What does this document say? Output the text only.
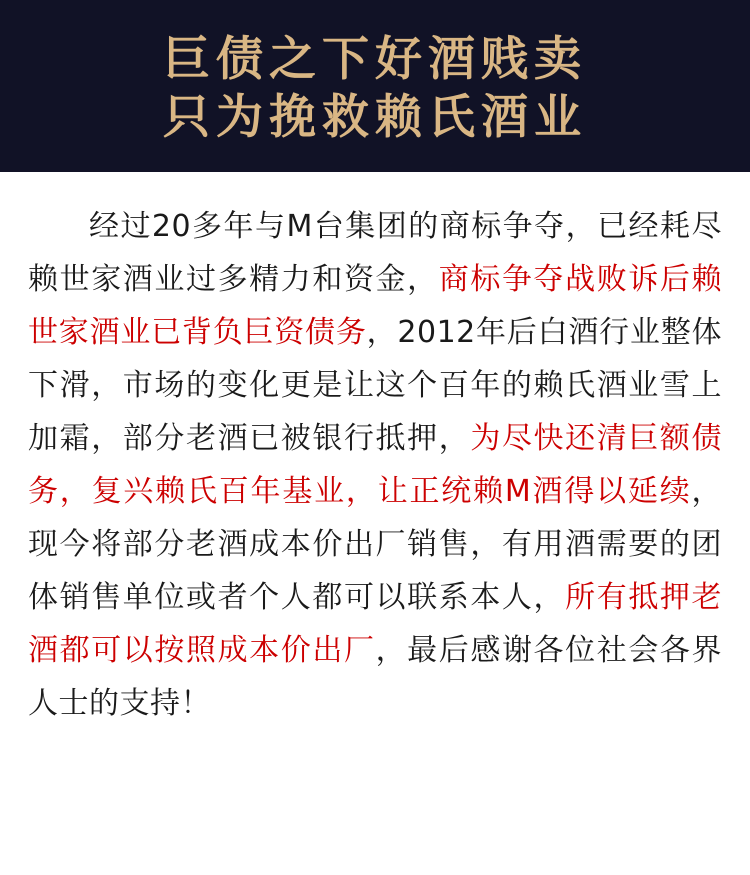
巨债之下好酒贱卖
只为挽救赖氏酒业

经过20多年与M台集团的商标争夺，已经耗尽赖世家酒业过多精力和资金，商标争夺战败诉后赖世家酒业已背负巨资债务，2012年后白酒行业整体下滑，市场的变化更是让这个百年的赖氏酒业雪上加霜，部分老酒已被银行抵押，为尽快还清巨额债务，复兴赖氏百年基业，让正统赖M酒得以延续，现今将部分老酒成本价出厂销售，有用酒需要的团体销售单位或者个人都可以联系本人，所有抵押老酒都可以按照成本价出厂，最后感谢各位社会各界人士的支持！
